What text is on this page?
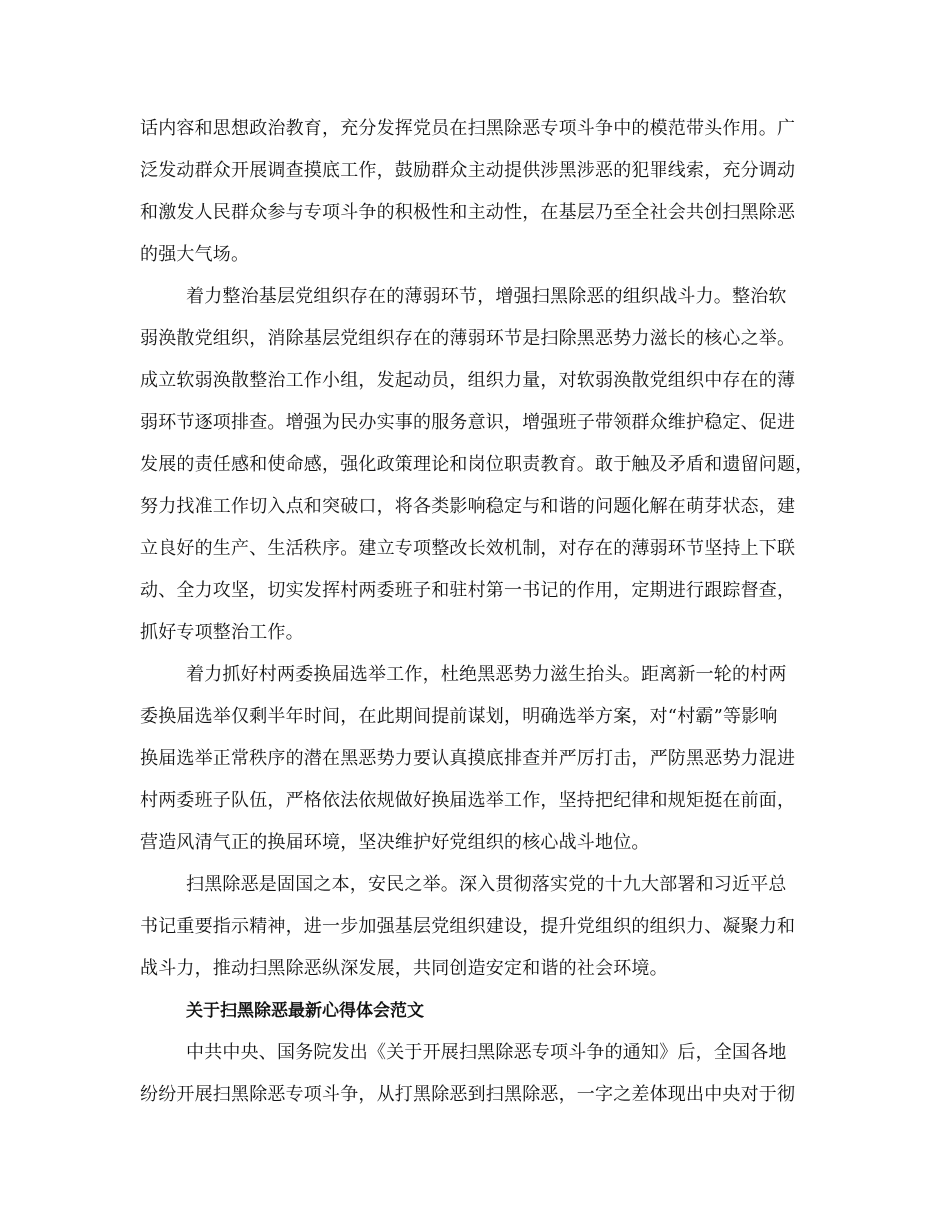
话内容和思想政治教育，充分发挥党员在扫黑除恶专项斗争中的模范带头作用。广
泛发动群众开展调查摸底工作，鼓励群众主动提供涉黑涉恶的犯罪线索，充分调动
和激发人民群众参与专项斗争的积极性和主动性，在基层乃至全社会共创扫黑除恶
的强大气场。
着力整治基层党组织存在的薄弱环节，增强扫黑除恶的组织战斗力。整治软
弱涣散党组织，消除基层党组织存在的薄弱环节是扫除黑恶势力滋长的核心之举。
成立软弱涣散整治工作小组，发起动员，组织力量，对软弱涣散党组织中存在的薄
弱环节逐项排查。增强为民办实事的服务意识，增强班子带领群众维护稳定、促进
发展的责任感和使命感，强化政策理论和岗位职责教育。敢于触及矛盾和遗留问题，
努力找准工作切入点和突破口，将各类影响稳定与和谐的问题化解在萌芽状态，建
立良好的生产、生活秩序。建立专项整改长效机制，对存在的薄弱环节坚持上下联
动、全力攻坚，切实发挥村两委班子和驻村第一书记的作用，定期进行跟踪督查，
抓好专项整治工作。
着力抓好村两委换届选举工作，杜绝黑恶势力滋生抬头。距离新一轮的村两
委换届选举仅剩半年时间，在此期间提前谋划，明确选举方案，对“村霸”等影响
换届选举正常秩序的潜在黑恶势力要认真摸底排查并严厉打击，严防黑恶势力混进
村两委班子队伍，严格依法依规做好换届选举工作，坚持把纪律和规矩挺在前面，
营造风清气正的换届环境，坚决维护好党组织的核心战斗地位。
扫黑除恶是固国之本，安民之举。深入贯彻落实党的十九大部署和习近平总
书记重要指示精神，进一步加强基层党组织建设，提升党组织的组织力、凝聚力和
战斗力，推动扫黑除恶纵深发展，共同创造安定和谐的社会环境。
关于扫黑除恶最新心得体会范文
中共中央、国务院发出《关于开展扫黑除恶专项斗争的通知》后，全国各地
纷纷开展扫黑除恶专项斗争，从打黑除恶到扫黑除恶，一字之差体现出中央对于彻
